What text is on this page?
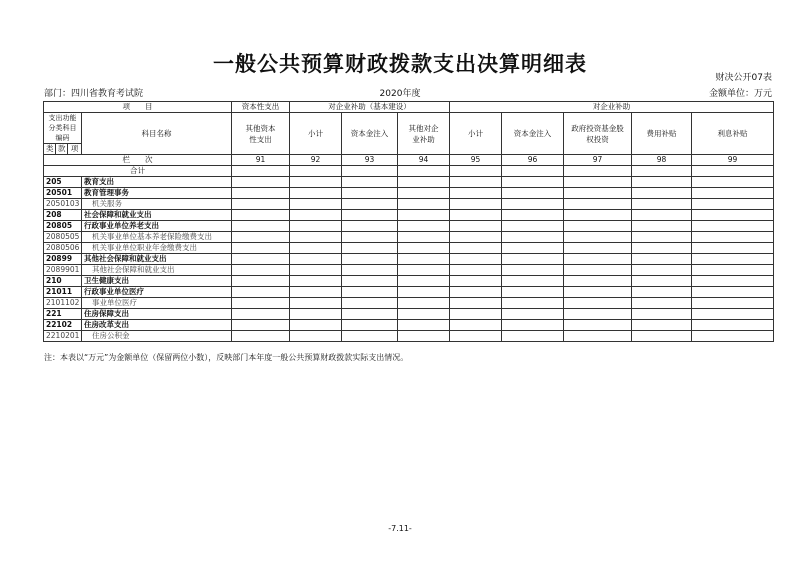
一般公共预算财政拨款支出决算明细表
财决公开07表
2020年度
部门：四川省教育考试院	金额单位：万元
项　　目				资本性支出	对企业补助（基本建设）			对企业补助				
支出功能分类科目编码			科目名称	其他资本性支出	小计	资本金注入	其他对企业补助	小计	资本金注入	政府投资基金股权投资	费用补贴	利息补贴

类	款	项										
栏　　次				91	92	93	94	95	96	97	98	99
合计												
205			教育支出									
20501			教育管理事务									
2050103			机关服务									
208			社会保障和就业支出									
20805			行政事业单位养老支出									
2080505			机关事业单位基本养老保险缴费支出									
2080506			机关事业单位职业年金缴费支出									
20899			其他社会保障和就业支出									
2089901			其他社会保障和就业支出									
210			卫生健康支出									
21011			行政事业单位医疗									
2101102			事业单位医疗									
221			住房保障支出									
22102			住房改革支出									
2210201			住房公积金									
注：本表以“万元”为金额单位（保留两位小数），反映部门本年度一般公共预算财政拨款实际支出情况。
-7.11-
